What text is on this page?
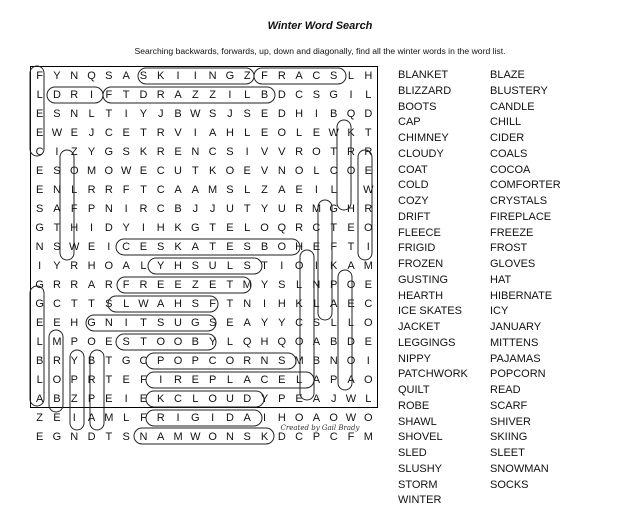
Winter Word Search
Searching backwards, forwards, up, down and diagonally, find all the winter words in the word list.
F Y N Q S A S K	I	I	N G Z F R A C S L H
L D R	I	F T D R A Z Z	I	L B D C S G	I	L
E S N L T	I	Y J B W S J S E D H	I	B Q D
E W E J C E T R V	I	A H L E O L E W K T
C	I	Z Y G S K R E N C S	I	V V R O T R R
E S O M O W E C U T K O E V N O L C O E
E N L R R F T C A A M S L Z A E	I	L	I W
S A F P N	I	R C B J	J U T Y U R M G H R
G T H	I	D Y	I	H K G T E L O Q R C T E O
N S W E	I	C E S K A T E S B O H E F T	I
I	Y R H O A L Y H S U L S T	I	O	I	K A M
G R R A R F R E E Z E T M Y S L N P O E
G C T T S L W A H S F T N	I	H K L A E C
E E H G N	I	T S U G S E A Y Y C S L	L O
L M P O E S T O O B Y L Q H Q O A B D E
B R Y B T G C P O P C O R N S M B N O	I
L O P R T E F	I	R E P L A C E L A P A O
A B Z P E	I	E K C L O U D Y P E A J W L
Z E	I	A M L F R	I	G	I	D A	I	H O A O W O
E G N D T S N A M W O N S K D C P C F M
BLANKET
BLIZZARD
BOOTS
CAP
CHIMNEY
CLOUDY
COAT
COLD
COZY
DRIFT
FLEECE
FRIGID
FROZEN
GUSTING
HEARTH
ICE SKATES
JACKET
LEGGINGS
NIPPY
PATCHWORK
QUILT
ROBE
SHAWL
SHOVEL
SLED
SLUSHY
STORM
WINTER
BLAZE
BLUSTERY
CANDLE
CHILL
CIDER
COALS
COCOA
COMFORTER
CRYSTALS
FIREPLACE
FREEZE
FROST
GLOVES
HAT
HIBERNATE
ICY
JANUARY
MITTENS
PAJAMAS
POPCORN
READ
SCARF
SHIVER
SKIING
SLEET
SNOWMAN
SOCKS
Created by Gail Brady
